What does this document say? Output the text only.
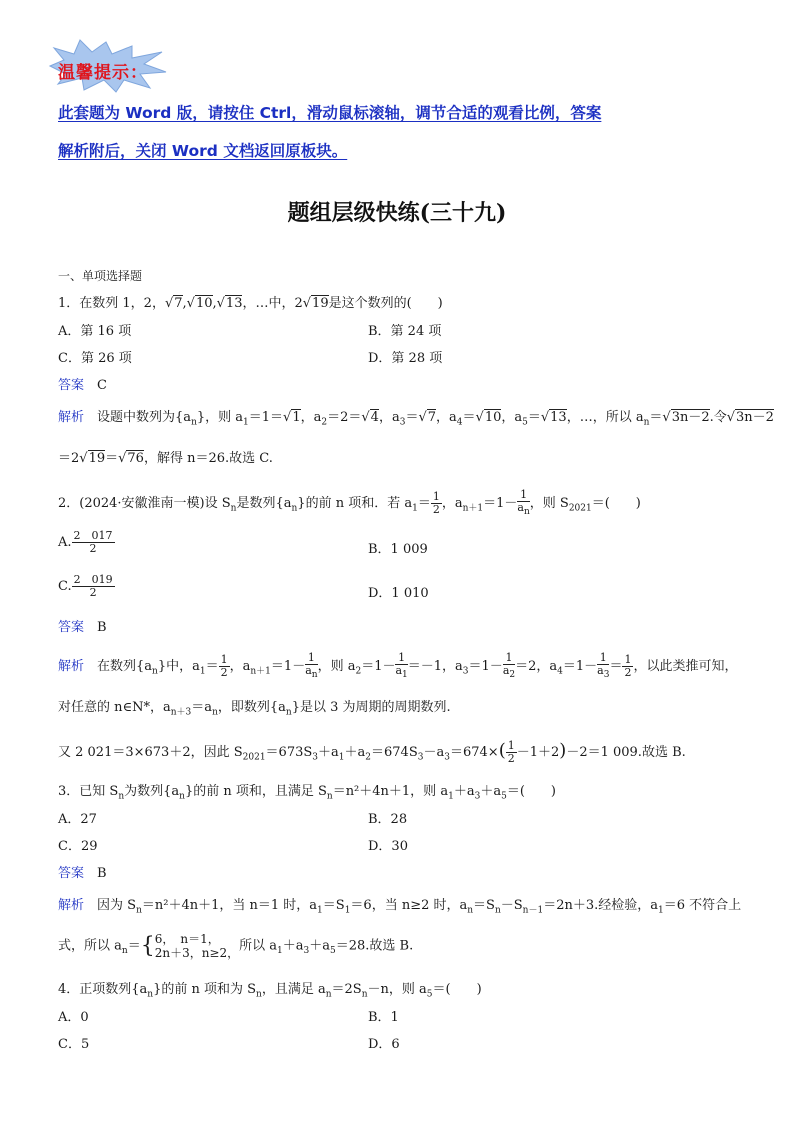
温馨提示：
此套题为 Word 版，请按住 Ctrl，滑动鼠标滚轴，调节合适的观看比例，答案
解析附后，关闭 Word 文档返回原板块。
题组层级快练(三十九)
一、单项选择题
1．在数列 1，2，√7,√10,√13，…中，2√19是这个数列的(　　)
A．第 16 项	B．第 24 项
C．第 26 项	D．第 28 项
答案　 C
解析　 设题中数列为$\{a_n\}$，则 $a_1=1=√1$，$a_2=2=√4$，$a_3=√7$，$a_4=√10$，$a_5=√13$，…，所以 $a_n=√3n-2$.令√3n－2
＝2√19＝√76，解得 n＝26.故选 C.
2．(2024·安徽淮南一模)设 $S_n$是数列$\{a_n\}$的前 n 项和．若 $a_1= \frac{1}{2}$ ，$a_{n+1}=1- \frac{1}{a_n}$ ，则 $S_{2021}=$(　　)
A. $\frac{2 017}{2}$	B．1 009
C. $\frac{2 019}{2}$	D．1 010
答案　 B
解析　在数列$\{a_n\}$中，$a_1= \frac{1}{2}$ ，$a_{n+1}=1- \frac{1}{a_n}$ ，则 $a_2=1- \frac{1}{a_1} =-1$，$a_3=1- \frac{1}{a_2} =2$，$a_4=1- \frac{1}{a_3} = \frac{1}{2}$ ，以此类推可知，
对任意的 n∈N*，$a_{n+3}=a_n$，即数列$\{a_n\}$是以 3 为周期的周期数列.
又 2 021＝3×673＋2，因此 $S_{2021}=673S_3+a_1+a_2=674S_3-a_3=674\times( \frac{1}{2} -1+2)-2=1$ 009.故选 B.
3．已知 $S_n$为数列$\{a_n\}$的前 n 项和，且满足 $S_n=n^2+4n+1$，则 $a_1+a_3+a_5=$(　　)
A．27	B．28
C．29	D．30
答案　 B
解析　 因为 $S_n=n^2+4n+1$，当 n＝1 时，$a_1=S_1=6$，当 n≥2 时，$a_n=S_n-S_{n-1}=2n+3$.经检验，$a_1=6$ 不符合上
式，所以 $a_n=${ 6，　n＝1，
2n＋3，n≥2， 所以 $a_1+a_3+a_5=28$.故选 B.
4．正项数列$\{a_n\}$的前 n 项和为 $S_n$，且满足 $a_n=2S_n-n$，则 $a_5=$(　　)
A．0	B．1
C．5	D．6
